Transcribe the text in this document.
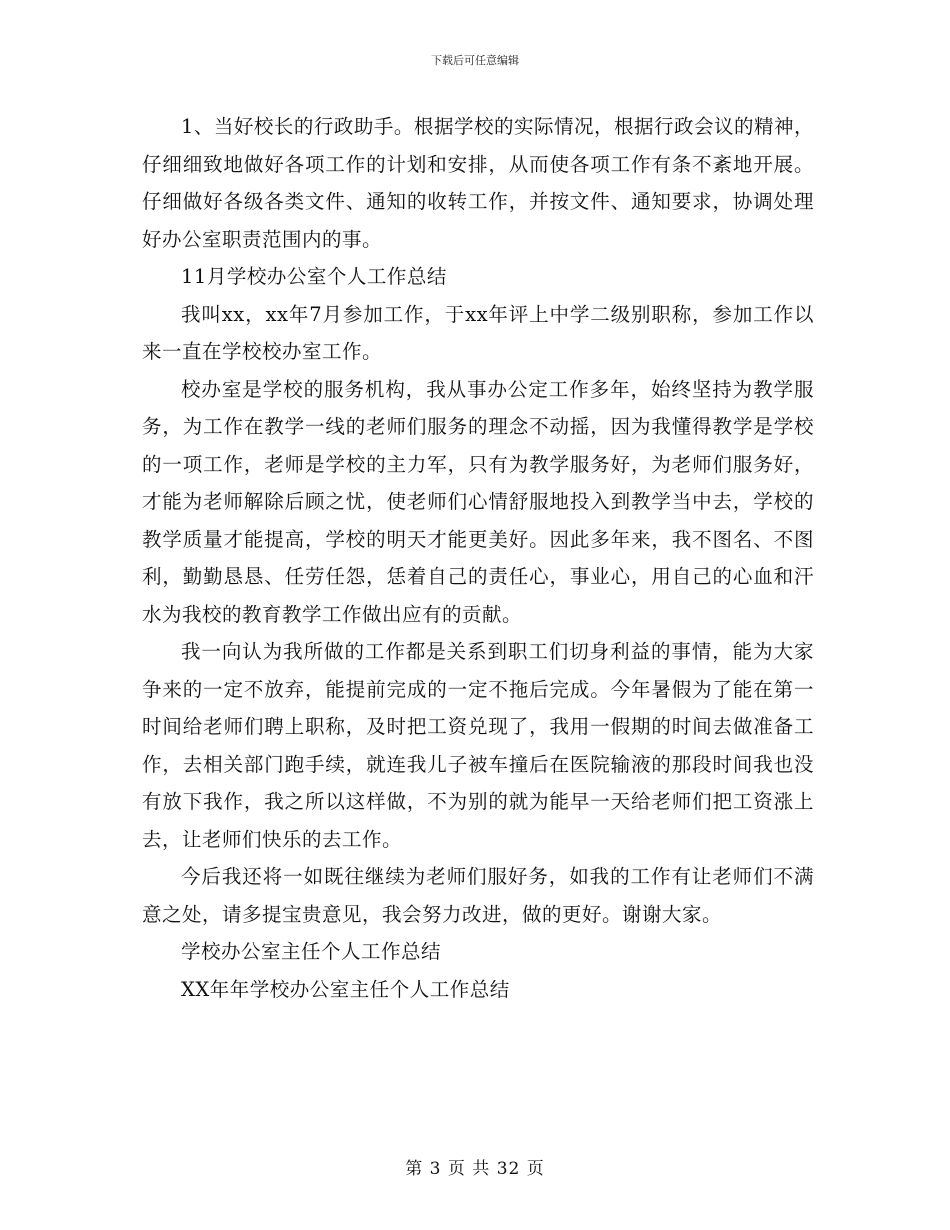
下载后可任意编辑

1、当好校长的行政助手。根据学校的实际情况，根据行政会议的精神，仔细细致地做好各项工作的计划和安排，从而使各项工作有条不紊地开展。仔细做好各级各类文件、通知的收转工作，并按文件、通知要求，协调处理好办公室职责范围内的事。

11月学校办公室个人工作总结

我叫xx，xx年7月参加工作，于xx年评上中学二级别职称，参加工作以来一直在学校校办室工作。

校办室是学校的服务机构，我从事办公定工作多年，始终坚持为教学服务，为工作在教学一线的老师们服务的理念不动摇，因为我懂得教学是学校的一项工作，老师是学校的主力军，只有为教学服务好，为老师们服务好，才能为老师解除后顾之忧，使老师们心情舒服地投入到教学当中去，学校的教学质量才能提高，学校的明天才能更美好。因此多年来，我不图名、不图利，勤勤恳恳、任劳任怨，恁着自己的责任心，事业心，用自己的心血和汗水为我校的教育教学工作做出应有的贡献。

我一向认为我所做的工作都是关系到职工们切身利益的事情，能为大家争来的一定不放弃，能提前完成的一定不拖后完成。今年暑假为了能在第一时间给老师们聘上职称，及时把工资兑现了，我用一假期的时间去做准备工作，去相关部门跑手续，就连我儿子被车撞后在医院输液的那段时间我也没有放下我作，我之所以这样做，不为别的就为能早一天给老师们把工资涨上去，让老师们快乐的去工作。

今后我还将一如既往继续为老师们服好务，如我的工作有让老师们不满意之处，请多提宝贵意见，我会努力改进，做的更好。谢谢大家。

学校办公室主任个人工作总结

XX年年学校办公室主任个人工作总结

第 3 页 共 32 页
